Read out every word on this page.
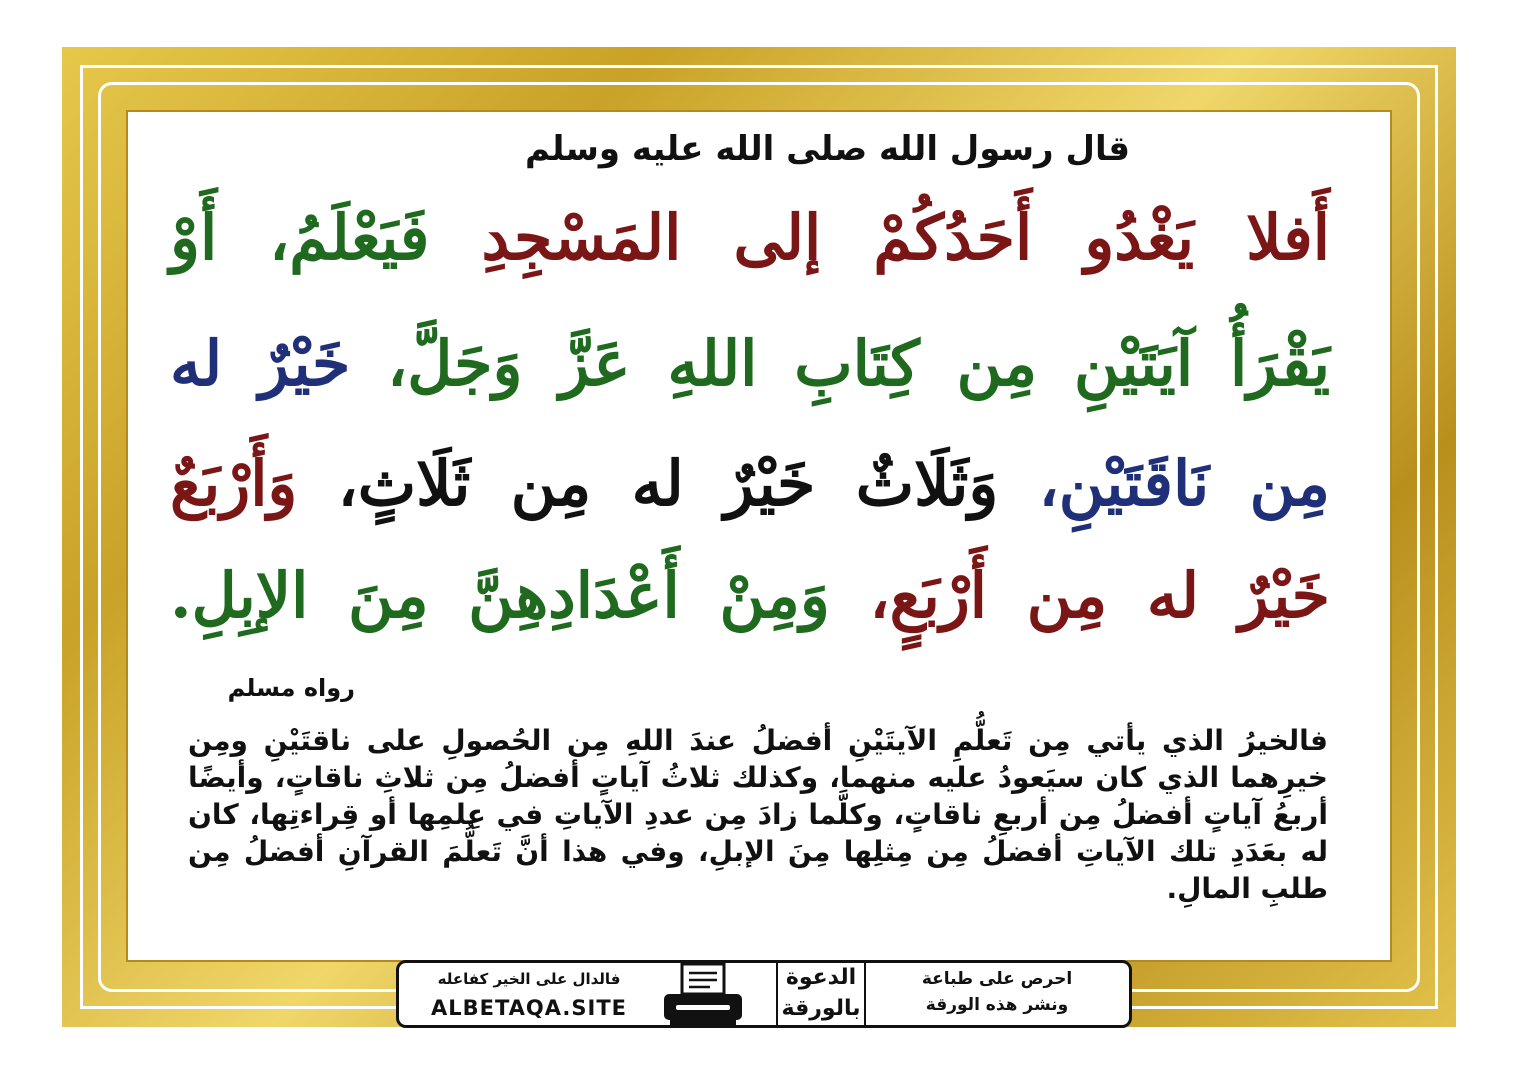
قال رسول الله صلى الله عليه وسلم
أَفلا يَغْدُو أَحَدُكُمْ إلى المَسْجِدِ فَيَعْلَمُ، أَوْ
يَقْرَأُ آيَتَيْنِ مِن كِتَابِ اللهِ عَزَّ وَجَلَّ، خَيْرٌ له
مِن نَاقَتَيْنِ، وَثَلَاثٌ خَيْرٌ له مِن ثَلَاثٍ، وَأَرْبَعٌ
خَيْرٌ له مِن أَرْبَعٍ، وَمِنْ أَعْدَادِهِنَّ مِنَ الإبِلِ.
رواه مسلم
فالخيرُ الذي يأتي مِن تَعلُّمِ الآيتَيْنِ أفضلُ عندَ اللهِ مِن الحُصولِ على ناقتَيْنِ ومِن خيرِهما الذي كان سيَعودُ عليه منهما، وكذلك ثلاثُ آياتٍ أفضلُ مِن ثلاثِ ناقاتٍ، وأيضًا أربعُ آياتٍ أفضلُ مِن أربعِ ناقاتٍ، وكلَّما زادَ مِن عددِ الآياتِ في عِلمِها أو قِراءتِها، كان له بعَدَدِ تلك الآياتِ أفضلُ مِن مِثلِها مِنَ الإبلِ، وفي هذا أنَّ تَعلُّمَ القرآنِ أفضلُ مِن طلبِ المالِ.
احرص على طباعة
ونشر هذه الورقة
الدعوة
بالورقة
فالدال على الخير كفاعله
ALBETAQA.SITE
